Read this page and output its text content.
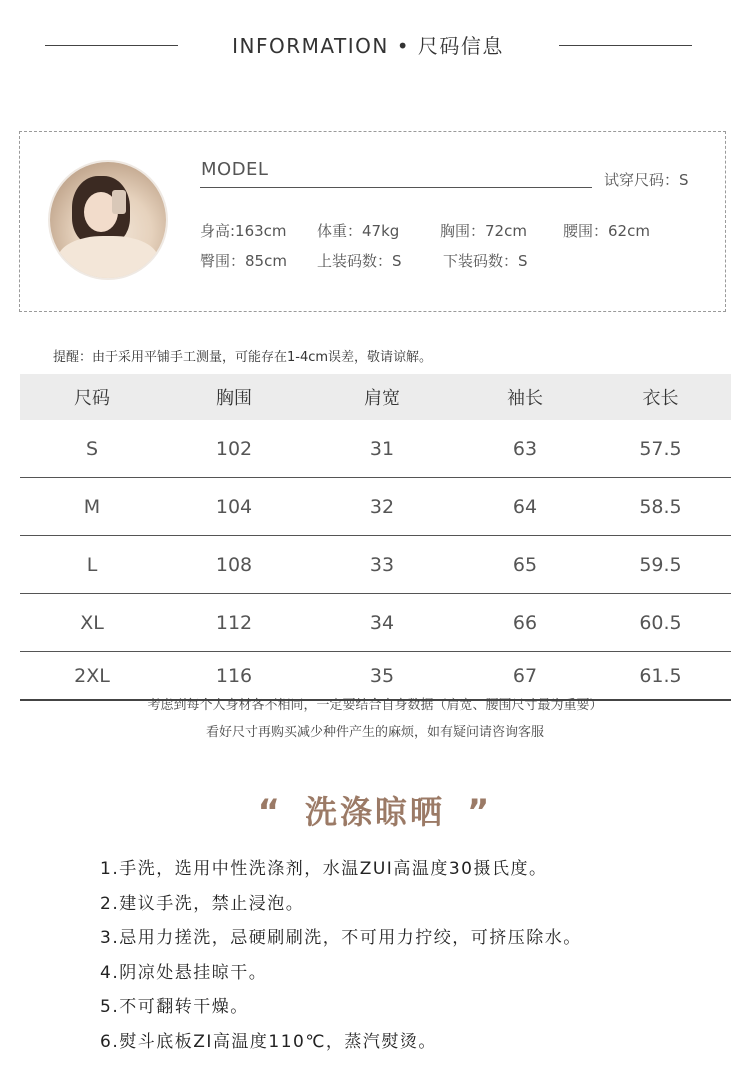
INFORMATION • 尺码信息
MODEL	试穿尺码：S
身高:163cm 体重：47kg	胸围：72cm 腰围：62cm
臀围：85cm 上装码数：S	下装码数：S
提醒：由于采用平铺手工测量，可能存在1-4cm误差，敬请谅解。
尺码	胸围	肩宽	袖长	衣长
S	102	31	63	57.5
M	104	32	64	58.5
L	108	33	65	59.5
XL	112	34	66	60.5
2XL	116	35	67	61.5
考虑到每个人身材各不相同，一定要结合自身数据（肩宽、腰围尺寸最为重要）
看好尺寸再购买减少种件产生的麻烦，如有疑问请咨询客服
“ 洗涤晾晒 ”
1.手洗，选用中性洗涤剂，水温ZUI高温度30摄氏度。
2.建议手洗，禁止浸泡。
3.忌用力搓洗，忌硬刷刷洗，不可用力拧绞，可挤压除水。
4.阴凉处悬挂晾干。
5.不可翻转干燥。
6.熨斗底板ZI高温度110℃，蒸汽熨烫。
